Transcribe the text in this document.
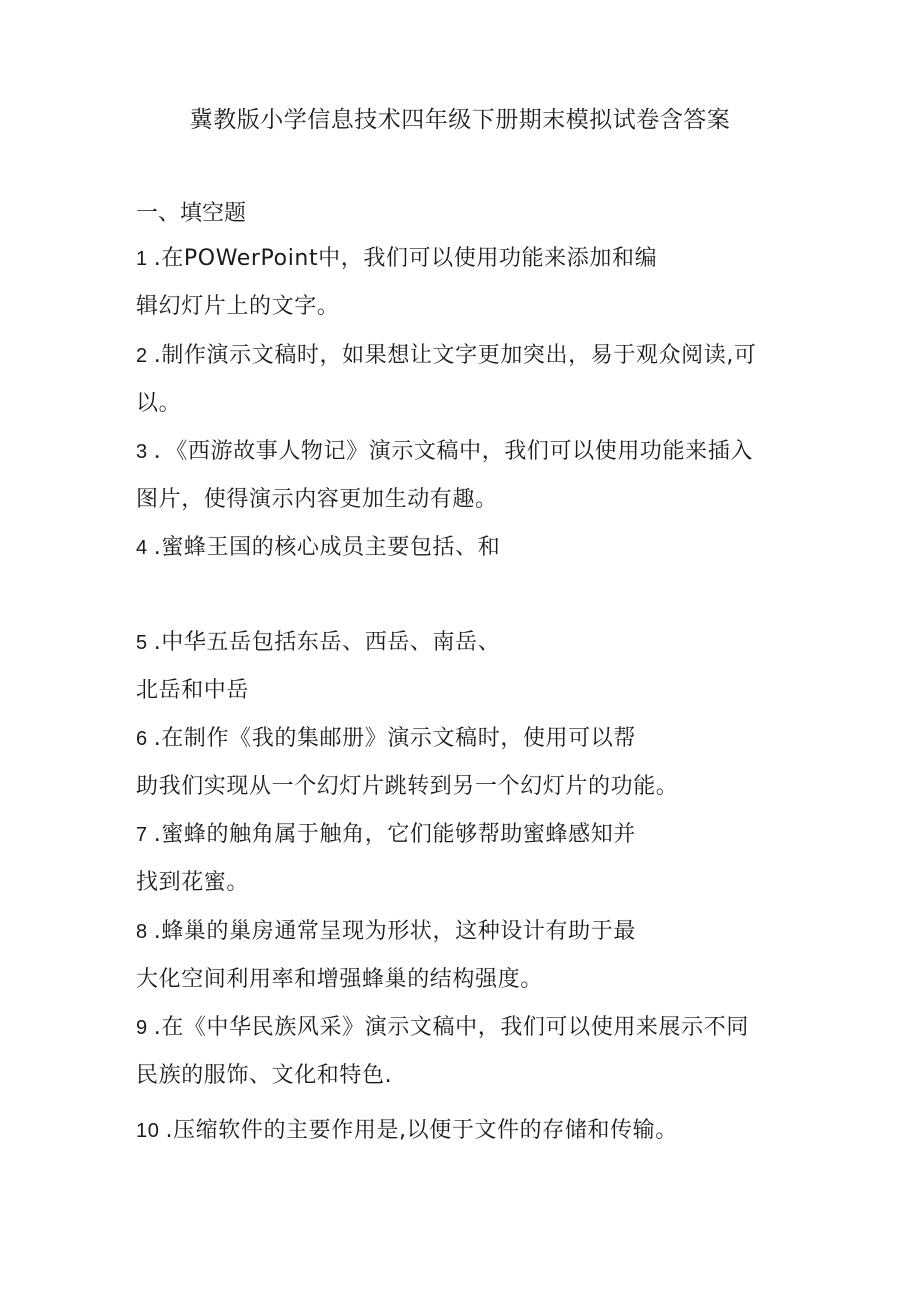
冀教版小学信息技术四年级下册期末模拟试卷含答案
一、填空题
1 .在POWerPoint中，我们可以使用功能来添加和编
辑幻灯片上的文字。
2 .制作演示文稿时，如果想让文字更加突出，易于观众阅读,可
以。
3 ．《西游故事人物记》演示文稿中，我们可以使用功能来插入
图片，使得演示内容更加生动有趣。
4 .蜜蜂王国的核心成员主要包括、和
5 .中华五岳包括东岳、西岳、南岳、
北岳和中岳
6 .在制作《我的集邮册》演示文稿时，使用可以帮
助我们实现从一个幻灯片跳转到另一个幻灯片的功能。
7 .蜜蜂的触角属于触角，它们能够帮助蜜蜂感知并
找到花蜜。
8 .蜂巢的巢房通常呈现为形状，这种设计有助于最
大化空间利用率和增强蜂巢的结构强度。
9 .在《中华民族风采》演示文稿中，我们可以使用来展示不同
民族的服饰、文化和特色.
10 .压缩软件的主要作用是,以便于文件的存储和传输。
